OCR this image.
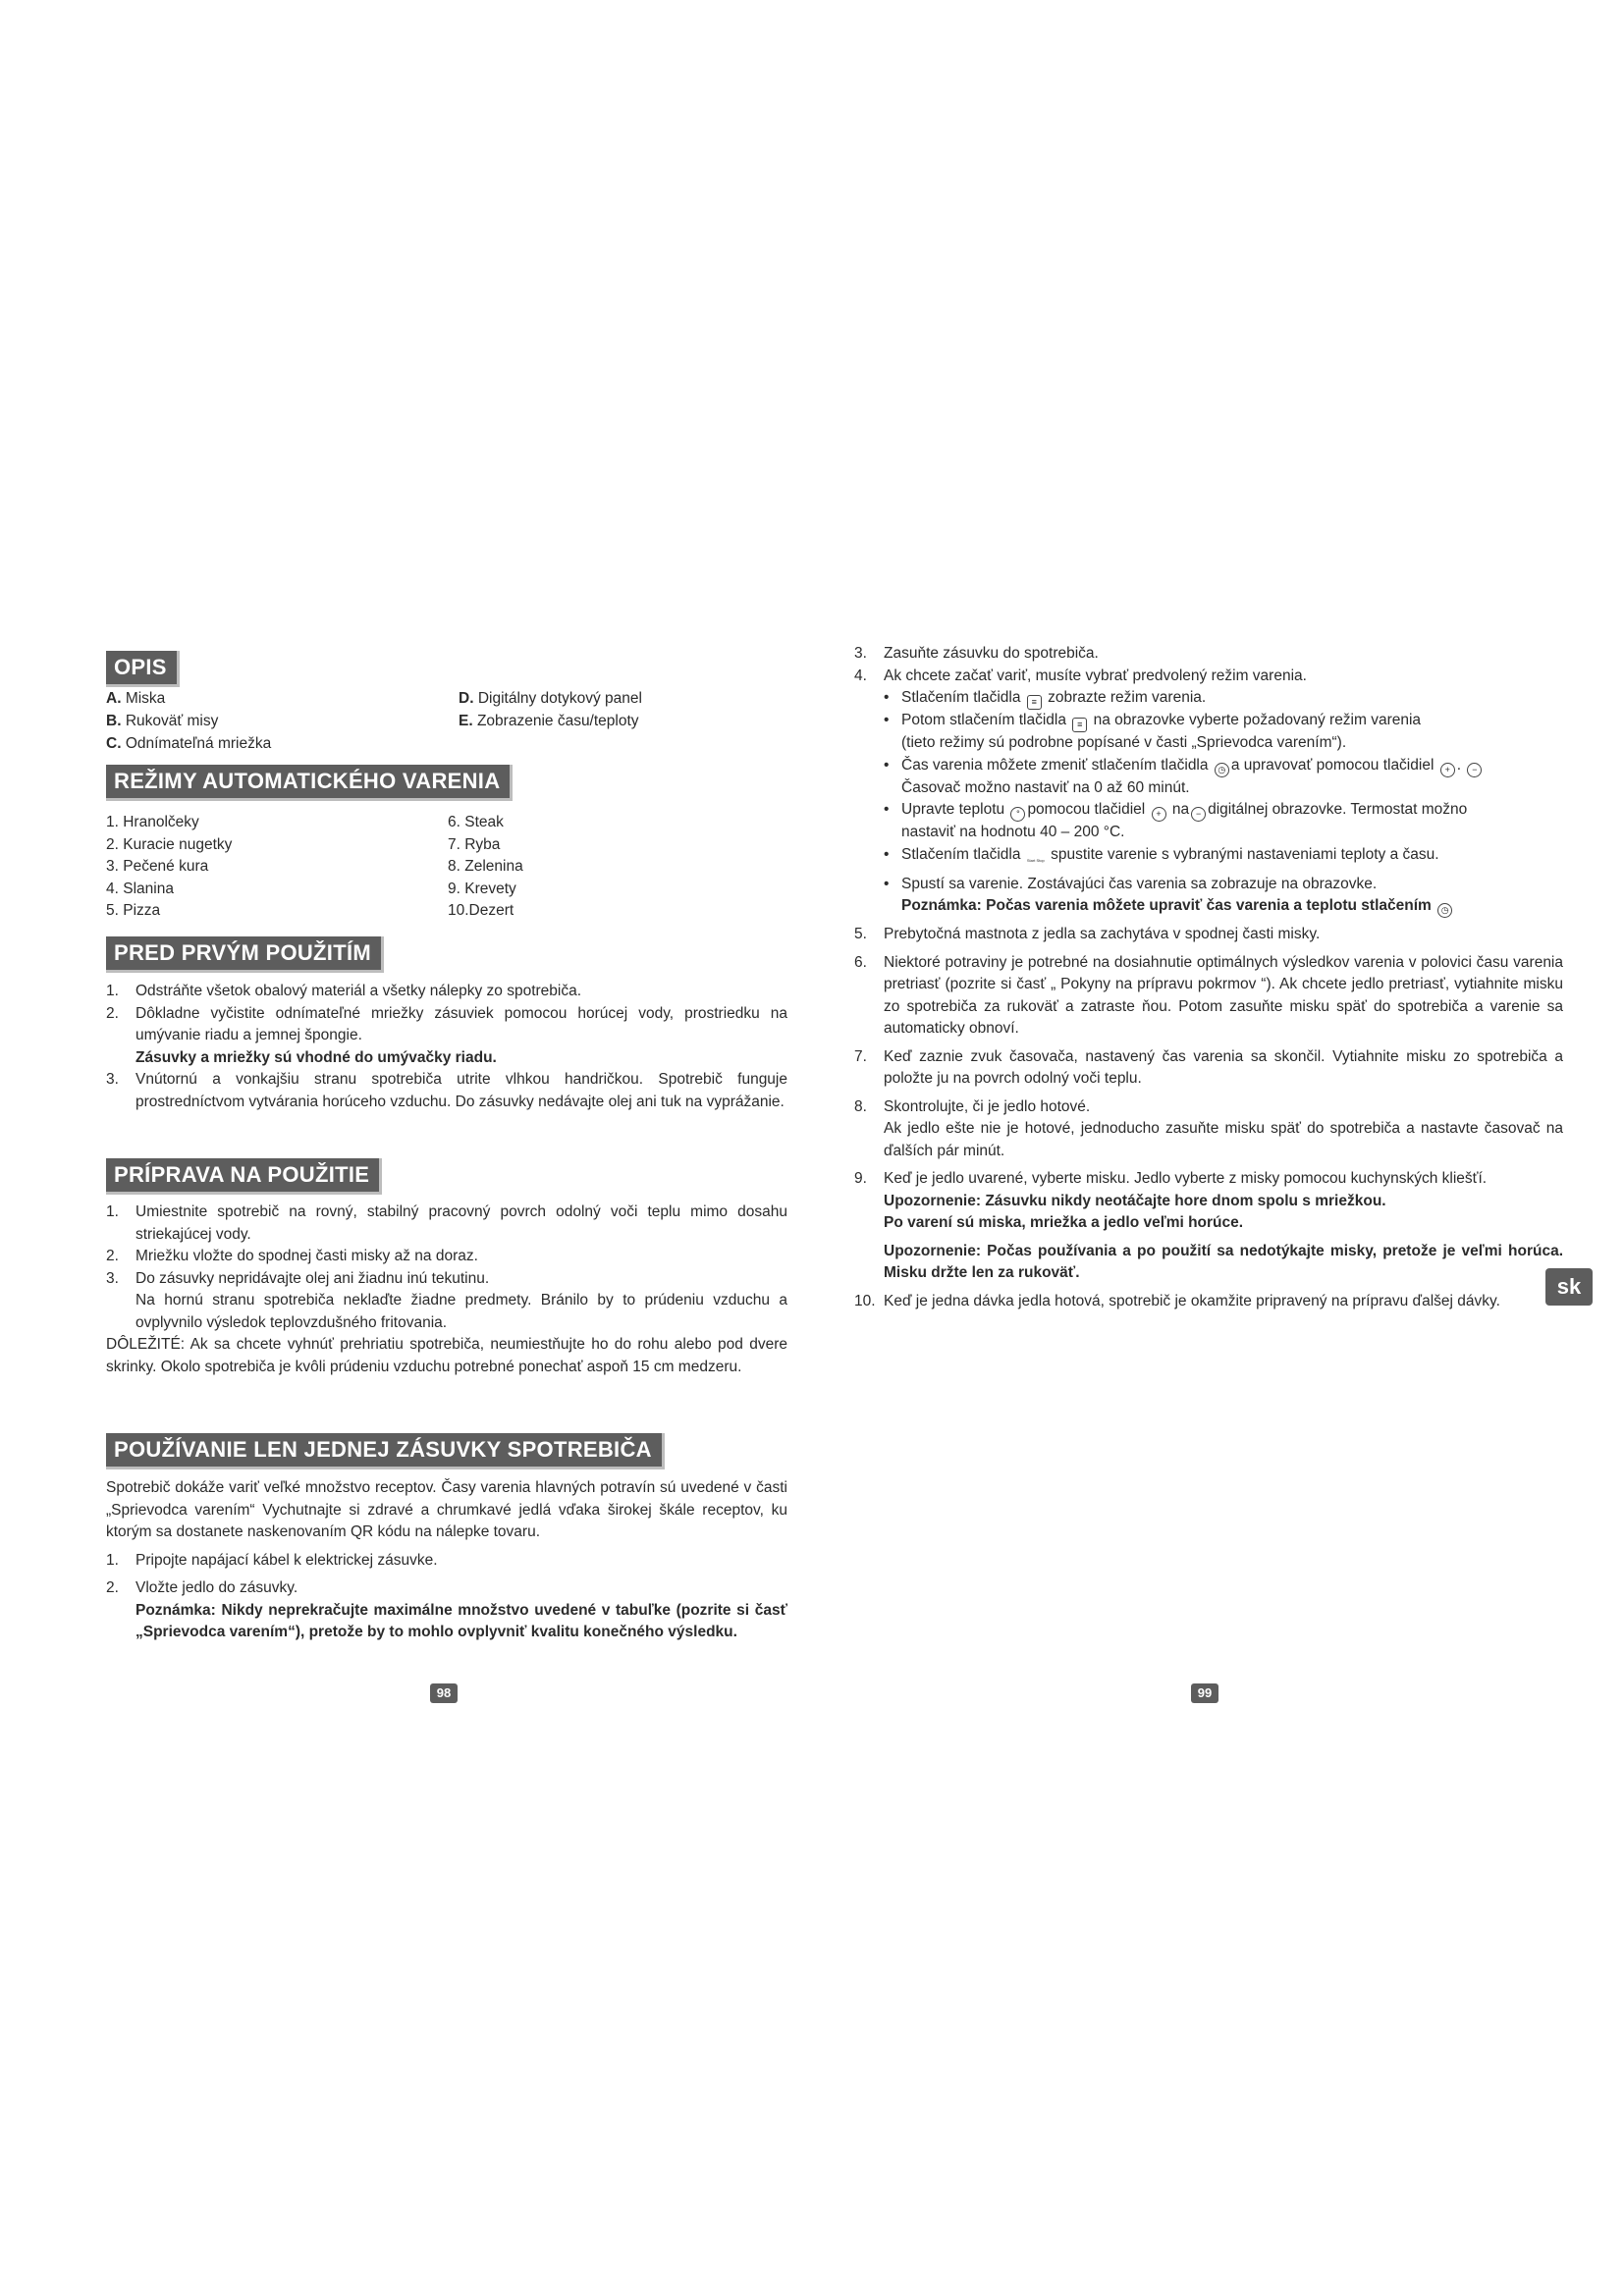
OPIS
A. Miska
B. Rukoväť misy
C. Odnímateľná mriežka
D. Digitálny dotykový panel
E. Zobrazenie času/teploty
REŽIMY AUTOMATICKÉHO VARENIA
1. Hranolčeky
2. Kuracie nugetky
3. Pečené kura
4. Slanina
5. Pizza
6. Steak
7. Ryba
8. Zelenina
9. Krevety
10.Dezert
PRED PRVÝM POUŽITÍM
1. Odstráňte všetok obalový materiál a všetky nálepky zo spotrebiča.
2. Dôkladne vyčistite odnímateľné mriežky zásuviek pomocou horúcej vody, prostriedku na umývanie riadu a jemnej špongie.
Zásuvky a mriežky sú vhodné do umývačky riadu.
3. Vnútornú a vonkajšiu stranu spotrebiča utrite vlhkou handričkou. Spotrebič funguje prostredníctvom vytvárania horúceho vzduchu. Do zásuvky nedávajte olej ani tuk na vyprážanie.
PRÍPRAVA NA POUŽITIE
1. Umiestnite spotrebič na rovný, stabilný pracovný povrch odolný voči teplu mimo dosahu striekajúcej vody.
2. Mriežku vložte do spodnej časti misky až na doraz.
3. Do zásuvky nepridávajte olej ani žiadnu inú tekutinu.
Na hornú stranu spotrebiča neklaďte žiadne predmety. Bránilo by to prúdeniu vzduchu a ovplyvnilo výsledok teplovzdušného fritovania.
DÔLEŽITÉ: Ak sa chcete vyhnúť prehriatiu spotrebiča, neumiestňujte ho do rohu alebo pod dvere skrinky. Okolo spotrebiča je kvôli prúdeniu vzduchu potrebné ponechať aspoň 15 cm medzeru.
POUŽÍVANIE LEN JEDNEJ ZÁSUVKY SPOTREBIČA
Spotrebič dokáže variť veľké množstvo receptov. Časy varenia hlavných potravín sú uvedené v časti „Sprievodca varením“ Vychutnajte si zdravé a chrumkavé jedlá vďaka širokej škále receptov, ku ktorým sa dostanete naskenovaním QR kódu na nálepke tovaru.
1. Pripojte napájací kábel k elektrickej zásuvke.
2. Vložte jedlo do zásuvky.
Poznámka: Nikdy neprekračujte maximálne množstvo uvedené v tabuľke (pozrite si časť „Sprievodca varením“), pretože by to mohlo ovplyvniť kvalitu konečného výsledku.
98
3. Zasuňte zásuvku do spotrebiča.
4. Ak chcete začať variť, musíte vybrať predvolený režim varenia.
• Stlačením tlačidla ≡ zobrazte režim varenia.
• Potom stlačením tlačidla ≡ na obrazovke vyberte požadovaný režim varenia
(tieto režimy sú podrobne popísané v časti „Sprievodca varením“).
• Čas varenia môžete zmeniť stlačením tlačidla ◷ a upravovať pomocou tlačidiel + . −
Časovač možno nastaviť na 0 až 60 minút.
• Upravte teplotu ° pomocou tlačidiel + na − digitálnej obrazovke. Termostat možno
nastaviť na hodnotu 40 – 200 °C.
• Stlačením tlačidla Start Stop spustite varenie s vybranými nastaveniami teploty a času.
• Spustí sa varenie. Zostávajúci čas varenia sa zobrazuje na obrazovke.
Poznámka: Počas varenia môžete upraviť čas varenia a teplotu stlačením ◷
5. Prebytočná mastnota z jedla sa zachytáva v spodnej časti misky.
6. Niektoré potraviny je potrebné na dosiahnutie optimálnych výsledkov varenia v polovici času varenia pretriasť (pozrite si časť „ Pokyny na prípravu pokrmov “). Ak chcete jedlo pretriasť, vytiahnite misku zo spotrebiča za rukoväť a zatraste ňou. Potom zasuňte misku späť do spotrebiča a varenie sa automaticky obnoví.
7. Keď zaznie zvuk časovača, nastavený čas varenia sa skončil. Vytiahnite misku zo spotrebiča a položte ju na povrch odolný voči teplu.
8. Skontrolujte, či je jedlo hotové.
Ak jedlo ešte nie je hotové, jednoducho zasuňte misku späť do spotrebiča a nastavte časovač na ďalších pár minút.
9. Keď je jedlo uvarené, vyberte misku. Jedlo vyberte z misky pomocou kuchynských kliešťí.
Upozornenie: Zásuvku nikdy neotáčajte hore dnom spolu s mriežkou.
Po varení sú miska, mriežka a jedlo veľmi horúce.
Upozornenie: Počas používania a po použití sa nedotýkajte misky, pretože je veľmi horúca. Misku držte len za rukoväť.
10. Keď je jedna dávka jedla hotová, spotrebič je okamžite pripravený na prípravu ďalšej dávky.
sk
99
